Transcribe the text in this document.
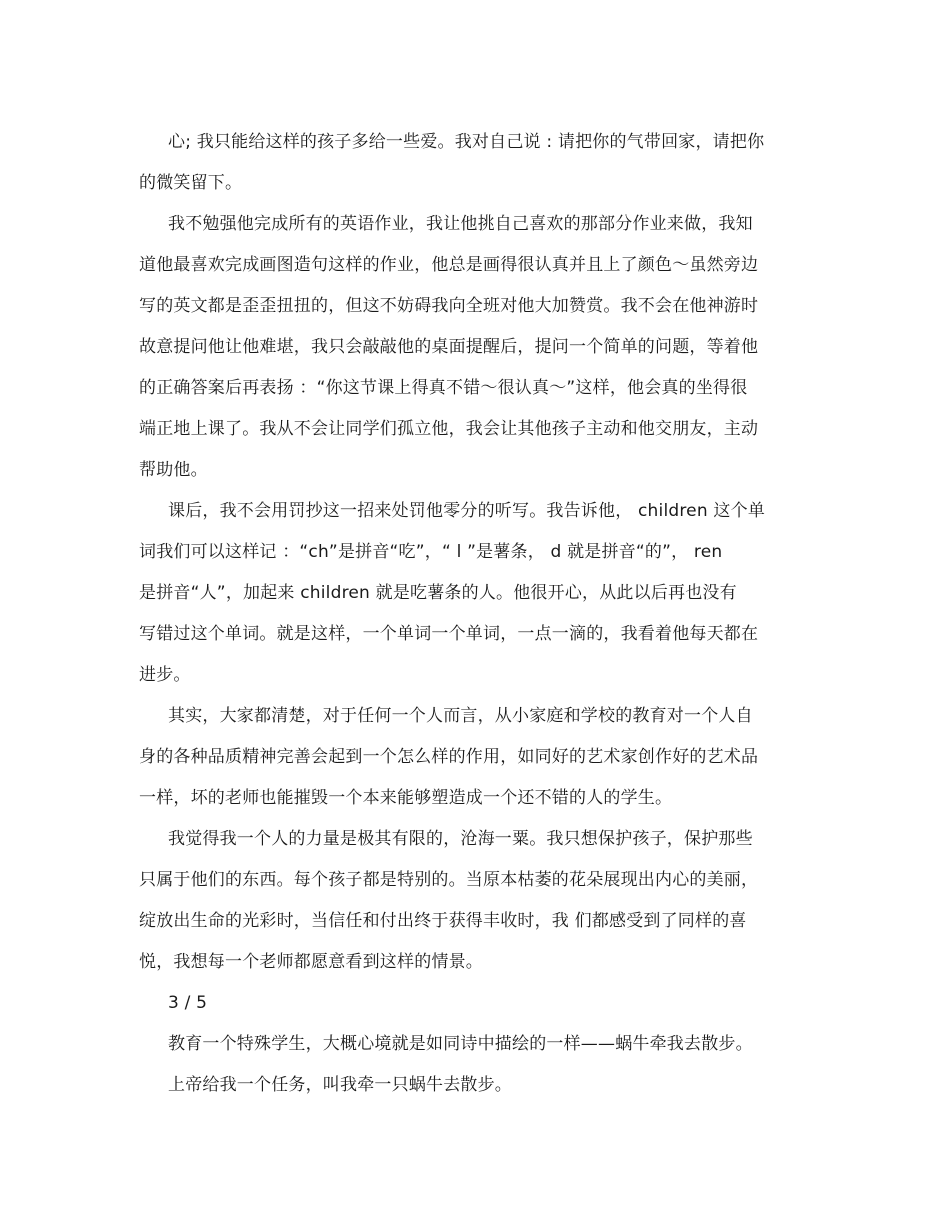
心; 我只能给这样的孩子多给一些爱。我对自己说 : 请把你的气带回家，请把你
的微笑留下。
我不勉强他完成所有的英语作业，我让他挑自己喜欢的那部分作业来做，我知
道他最喜欢完成画图造句这样的作业，他总是画得很认真并且上了颜色～虽然旁边
写的英文都是歪歪扭扭的，但这不妨碍我向全班对他大加赞赏。我不会在他神游时
故意提问他让他难堪，我只会敲敲他的桌面提醒后，提问一个简单的问题，等着他
的正确答案后再表扬 ：“你这节课上得真不错～很认真～”这样，他会真的坐得很
端正地上课了。我从不会让同学们孤立他，我会让其他孩子主动和他交朋友，主动
帮助他。
课后，我不会用罚抄这一招来处罚他零分的听写。我告诉他， children 这个单
词我们可以这样记 ：“ch”是拼音“吃”，“ l ”是薯条， d 就是拼音“的”， ren
是拼音“人”，加起来 children 就是吃薯条的人。他很开心，从此以后再也没有
写错过这个单词。就是这样，一个单词一个单词，一点一滴的，我看着他每天都在
进步。
其实，大家都清楚，对于任何一个人而言，从小家庭和学校的教育对一个人自
身的各种品质精神完善会起到一个怎么样的作用，如同好的艺术家创作好的艺术品
一样，坏的老师也能摧毁一个本来能够塑造成一个还不错的人的学生。
我觉得我一个人的力量是极其有限的，沧海一粟。我只想保护孩子，保护那些
只属于他们的东西。每个孩子都是特别的。当原本枯萎的花朵展现出内心的美丽，
绽放出生命的光彩时，当信任和付出终于获得丰收时，我 们都感受到了同样的喜
悦，我想每一个老师都愿意看到这样的情景。
3 / 5
教育一个特殊学生，大概心境就是如同诗中描绘的一样——蜗牛牵我去散步。
上帝给我一个任务，叫我牵一只蜗牛去散步。
